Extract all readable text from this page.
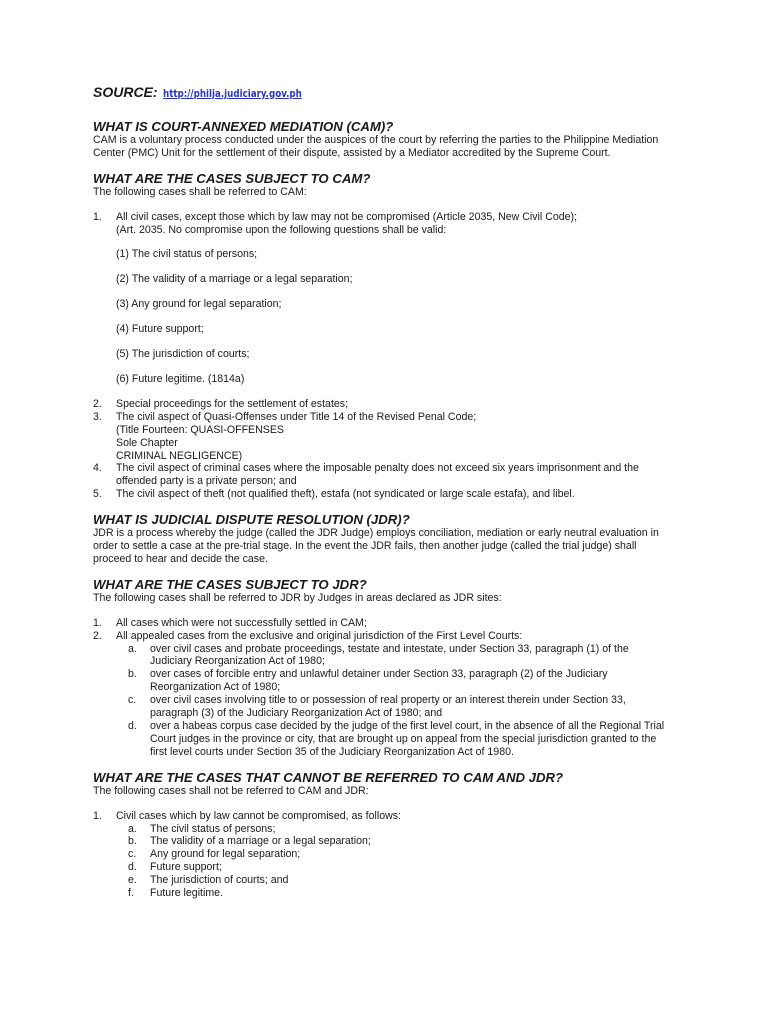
SOURCE: http://philja.judiciary.gov.ph
WHAT IS COURT-ANNEXED MEDIATION (CAM)?

CAM is a voluntary process conducted under the auspices of the court by referring the parties to the Philippine Mediation Center (PMC) Unit for the settlement of their dispute, assisted by a Mediator accredited by the Supreme Court.

WHAT ARE THE CASES SUBJECT TO CAM?

The following cases shall be referred to CAM:

1.	All civil cases, except those which by law may not be compromised (Article 2035, New Civil Code);
(Art. 2035. No compromise upon the following questions shall be valid:
(1) The civil status of persons;
(2) The validity of a marriage or a legal separation;
(3) Any ground for legal separation;
(4) Future support;
(5) The jurisdiction of courts;
(6) Future legitime. (1814a)
2.	Special proceedings for the settlement of estates;
3.	The civil aspect of Quasi-Offenses under Title 14 of the Revised Penal Code;
(Title Fourteen: QUASI-OFFENSES
Sole Chapter
CRIMINAL NEGLIGENCE)
4.	The civil aspect of criminal cases where the imposable penalty does not exceed six years imprisonment and the offended party is a private person; and
5.	The civil aspect of theft (not qualified theft), estafa (not syndicated or large scale estafa), and libel.
WHAT IS JUDICIAL DISPUTE RESOLUTION (JDR)?

JDR is a process whereby the judge (called the JDR Judge) employs conciliation, mediation or early neutral evaluation in order to settle a case at the pre-trial stage. In the event the JDR fails, then another judge (called the trial judge) shall proceed to hear and decide the case.

WHAT ARE THE CASES SUBJECT TO JDR?

The following cases shall be referred to JDR by Judges in areas declared as JDR sites:

1.	All cases which were not successfully settled in CAM;
2.	All appealed cases from the exclusive and original jurisdiction of the First Level Courts:
a.	over civil cases and probate proceedings, testate and intestate, under Section 33, paragraph (1) of the Judiciary Reorganization Act of 1980;
b.	over cases of forcible entry and unlawful detainer under Section 33, paragraph (2) of the Judiciary Reorganization Act of 1980;
c.	over civil cases involving title to or possession of real property or an interest therein under Section 33, paragraph (3) of the Judiciary Reorganization Act of 1980; and
d.	over a habeas corpus case decided by the judge of the first level court, in the absence of all the Regional Trial Court judges in the province or city, that are brought up on appeal from the special jurisdiction granted to the first level courts under Section 35 of the Judiciary Reorganization Act of 1980.
WHAT ARE THE CASES THAT CANNOT BE REFERRED TO CAM AND JDR?

The following cases shall not be referred to CAM and JDR:

1.	Civil cases which by law cannot be compromised, as follows:
a.	The civil status of persons;
b.	The validity of a marriage or a legal separation;
c.	Any ground for legal separation;
d.	Future support;
e.	The jurisdiction of courts; and
f.	Future legitime.
